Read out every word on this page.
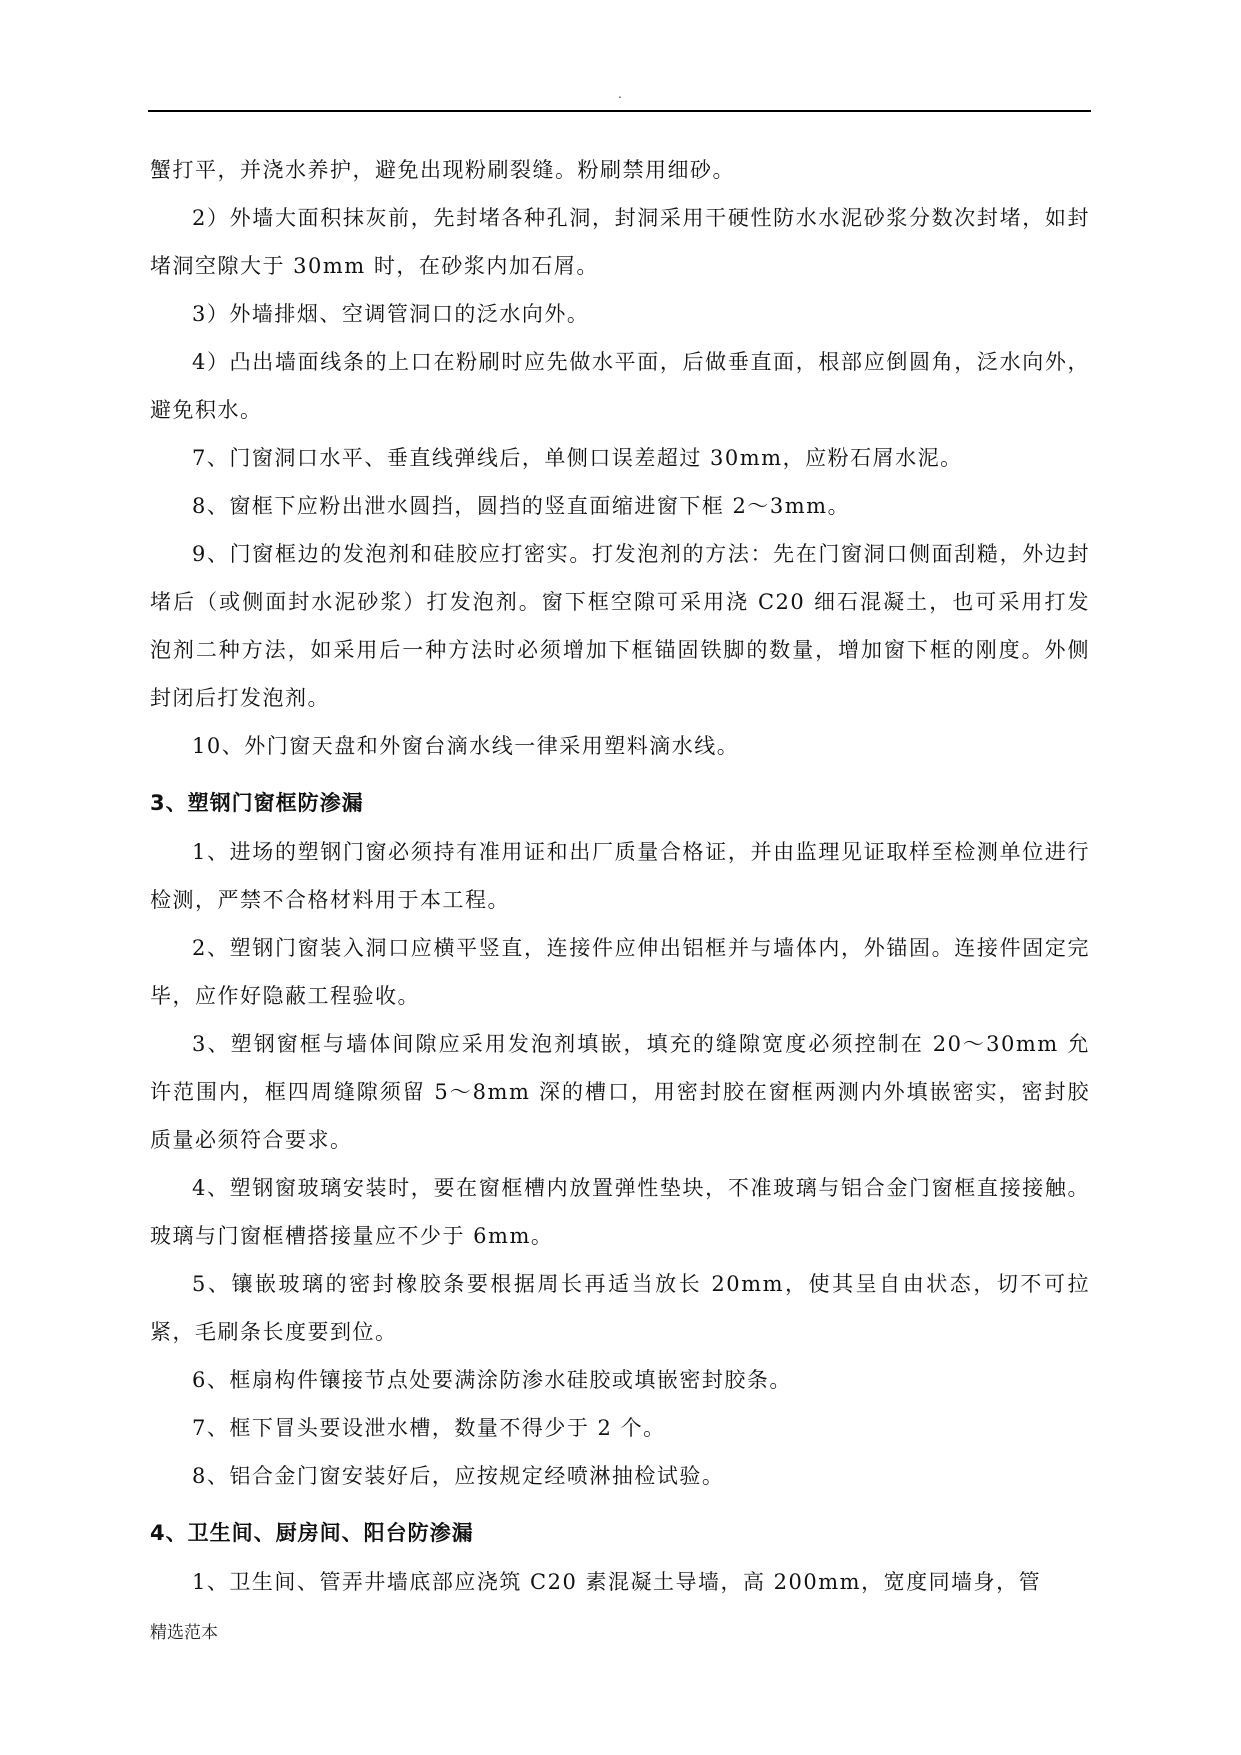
.

蟹打平，并浇水养护，避免出现粉刷裂缝。粉刷禁用细砂。

2）外墙大面积抹灰前，先封堵各种孔洞，封洞采用干硬性防水水泥砂浆分数次封堵，如封堵洞空隙大于 30mm 时，在砂浆内加石屑。

3）外墙排烟、空调管洞口的泛水向外。

4）凸出墙面线条的上口在粉刷时应先做水平面，后做垂直面，根部应倒圆角，泛水向外，避免积水。

7、门窗洞口水平、垂直线弹线后，单侧口误差超过 30mm，应粉石屑水泥。

8、窗框下应粉出泄水圆挡，圆挡的竖直面缩进窗下框 2～3mm。

9、门窗框边的发泡剂和硅胶应打密实。打发泡剂的方法：先在门窗洞口侧面刮糙，外边封堵后（或侧面封水泥砂浆）打发泡剂。窗下框空隙可采用浇 C20 细石混凝土，也可采用打发泡剂二种方法，如采用后一种方法时必须增加下框锚固铁脚的数量，增加窗下框的刚度。外侧封闭后打发泡剂。

10、外门窗天盘和外窗台滴水线一律采用塑料滴水线。

3、塑钢门窗框防渗漏

1、进场的塑钢门窗必须持有准用证和出厂质量合格证，并由监理见证取样至检测单位进行检测，严禁不合格材料用于本工程。

2、塑钢门窗装入洞口应横平竖直，连接件应伸出铝框并与墙体内，外锚固。连接件固定完毕，应作好隐蔽工程验收。

3、塑钢窗框与墙体间隙应采用发泡剂填嵌，填充的缝隙宽度必须控制在 20～30mm 允许范围内，框四周缝隙须留 5～8mm 深的槽口，用密封胶在窗框两测内外填嵌密实，密封胶质量必须符合要求。

4、塑钢窗玻璃安装时，要在窗框槽内放置弹性垫块，不准玻璃与铝合金门窗框直接接触。玻璃与门窗框槽搭接量应不少于 6mm。

5、镶嵌玻璃的密封橡胶条要根据周长再适当放长 20mm，使其呈自由状态，切不可拉紧，毛刷条长度要到位。

6、框扇构件镶接节点处要满涂防渗水硅胶或填嵌密封胶条。

7、框下冒头要设泄水槽，数量不得少于 2 个。

8、铝合金门窗安装好后，应按规定经喷淋抽检试验。

4、卫生间、厨房间、阳台防渗漏

1、卫生间、管弄井墙底部应浇筑 C20 素混凝土导墙，高 200mm，宽度同墙身，管

精选范本
